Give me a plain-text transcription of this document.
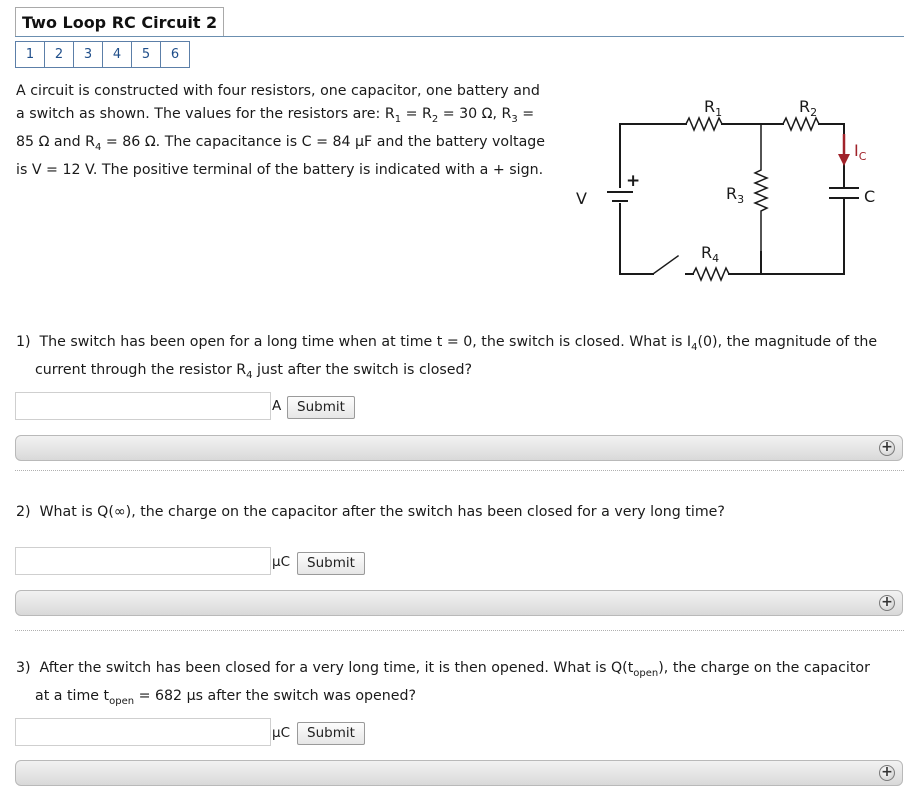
Two Loop RC Circuit 2
1	2	3	4	5	6
A circuit is constructed with four resistors, one capacitor, one battery and
a switch as shown. The values for the resistors are: $R_1 = R_2 = 30$ Ω, $R_3$ =
85 Ω and $R_4 = 86$ Ω. The capacitance is C = 84 μF and the battery voltage
is V = 12 V. The positive terminal of the battery is indicated with a + sign.
V
+
$R_1$	$R_2$
$R_3$
$R_4$
$I_C$
C
1) The switch has been open for a long time when at time t = 0, the switch is closed. What is $I_4(0)$, the magnitude of the
current through the resistor $R_4$ just after the switch is closed?
A	Submit
+
2) What is Q(∞), the charge on the capacitor after the switch has been closed for a very long time?
μC	Submit
+
3) After the switch has been closed for a very long time, it is then opened. What is $Q(t_{open})$, the charge on the capacitor
at a time $t_{open} = 682$ μs after the switch was opened?
μC	Submit
+
